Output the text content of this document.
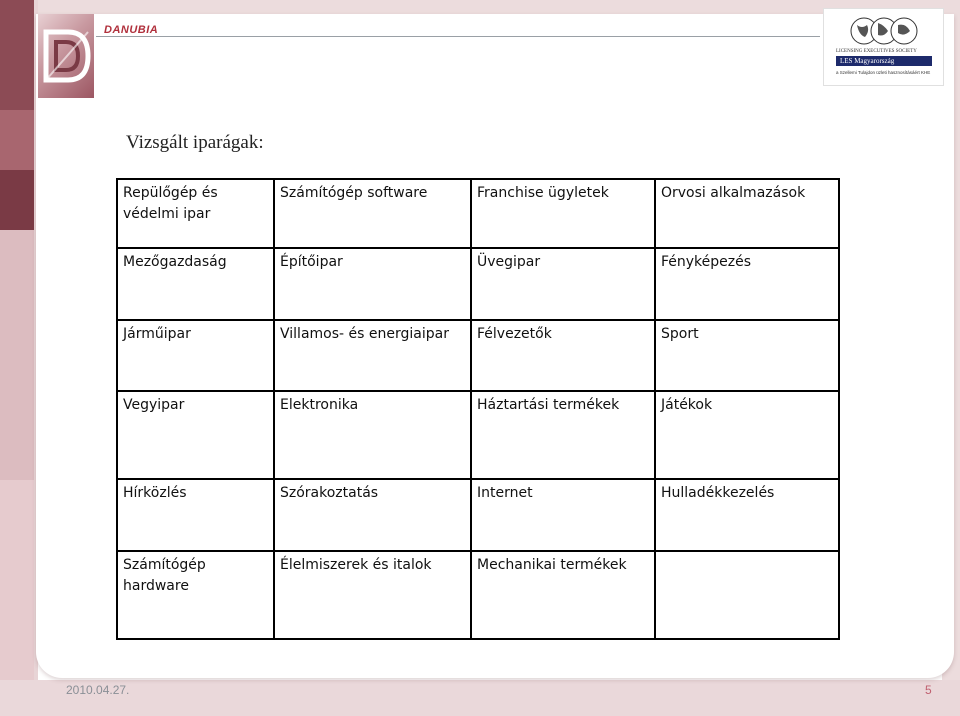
DANUBIA
LICENSING EXECUTIVES SOCIETY
LES Magyarország
a Szellemi Tulajdon üzleti hasznosításáért KHE
Vizsgált iparágak:
Repülőgép és védelmi ipar	Számítógép software	Franchise ügyletek	Orvosi alkalmazások
Mezőgazdaság	Építőipar	Üvegipar	Fényképezés
Járműipar	Villamos- és energiaipar	Félvezetők	Sport
Vegyipar	Elektronika	Háztartási termékek	Játékok
Hírközlés	Szórakoztatás	Internet	Hulladékkezelés
Számítógép hardware	Élelmiszerek és italok	Mechanikai termékek	
2010.04.27.	5
